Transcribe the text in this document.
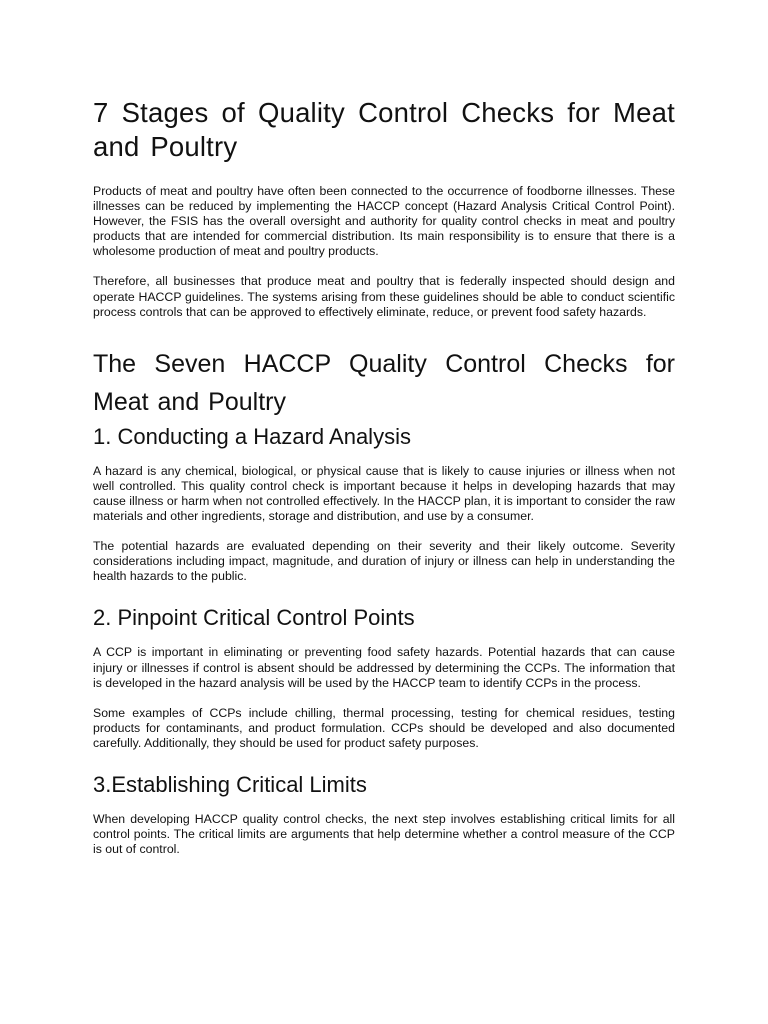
7 Stages of Quality Control Checks for Meat and Poultry

Products of meat and poultry have often been connected to the occurrence of foodborne illnesses. These illnesses can be reduced by implementing the HACCP concept (Hazard Analysis Critical Control Point). However, the FSIS has the overall oversight and authority for quality control checks in meat and poultry products that are intended for commercial distribution. Its main responsibility is to ensure that there is a wholesome production of meat and poultry products.

Therefore, all businesses that produce meat and poultry that is federally inspected should design and operate HACCP guidelines. The systems arising from these guidelines should be able to conduct scientific process controls that can be approved to effectively eliminate, reduce, or prevent food safety hazards.

The Seven HACCP Quality Control Checks for Meat and Poultry
1. Conducting a Hazard Analysis

A hazard is any chemical, biological, or physical cause that is likely to cause injuries or illness when not well controlled. This quality control check is important because it helps in developing hazards that may cause illness or harm when not controlled effectively. In the HACCP plan, it is important to consider the raw materials and other ingredients, storage and distribution, and use by a consumer.

The potential hazards are evaluated depending on their severity and their likely outcome. Severity considerations including impact, magnitude, and duration of injury or illness can help in understanding the health hazards to the public.

2. Pinpoint Critical Control Points

A CCP is important in eliminating or preventing food safety hazards. Potential hazards that can cause injury or illnesses if control is absent should be addressed by determining the CCPs. The information that is developed in the hazard analysis will be used by the HACCP team to identify CCPs in the process.

Some examples of CCPs include chilling, thermal processing, testing for chemical residues, testing products for contaminants, and product formulation. CCPs should be developed and also documented carefully. Additionally, they should be used for product safety purposes.

3.Establishing Critical Limits

When developing HACCP quality control checks, the next step involves establishing critical limits for all control points. The critical limits are arguments that help determine whether a control measure of the CCP is out of control.
